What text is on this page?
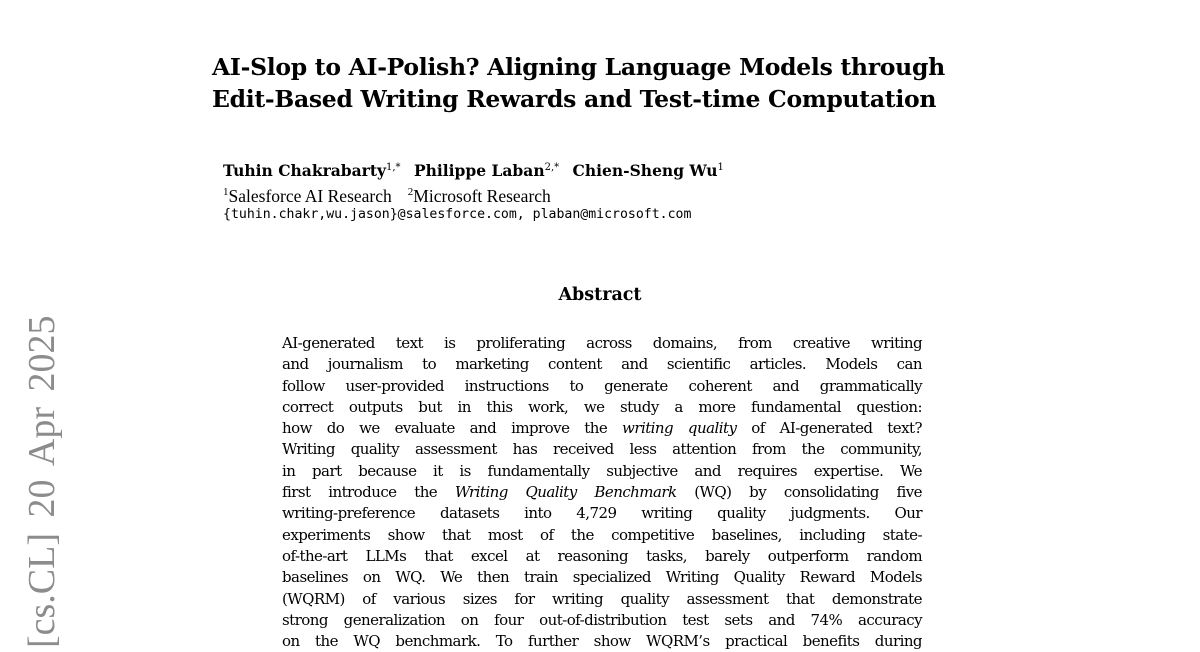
[cs.CL] 20 Apr 2025
AI-Slop to AI-Polish? Aligning Language Models through
Edit-Based Writing Rewards and Test-time Computation
Tuhin Chakrabarty$^{1,*}$ Philippe Laban$^{2,*}$ Chien-Sheng Wu$^1$
$^1$Salesforce AI Research $^2$Microsoft Research
{tuhin.chakr,wu.jason}@salesforce.com, plaban@microsoft.com
Abstract
AI-generated text is proliferating across domains, from creative writing
and journalism to marketing content and scientific articles. Models can
follow user-provided instructions to generate coherent and grammatically
correct outputs but in this work, we study a more fundamental question:
how do we evaluate and improve the writing quality of AI-generated text?
Writing quality assessment has received less attention from the community,
in part because it is fundamentally subjective and requires expertise. We
first introduce the Writing Quality Benchmark (WQ) by consolidating five
writing-preference datasets into 4,729 writing quality judgments. Our
experiments show that most of the competitive baselines, including state-
of-the-art LLMs that excel at reasoning tasks, barely outperform random
baselines on WQ. We then train specialized Writing Quality Reward Models
(WQRM) of various sizes for writing quality assessment that demonstrate
strong generalization on four out-of-distribution test sets and 74% accuracy
on the WQ benchmark. To further show WQRM’s practical benefits during
